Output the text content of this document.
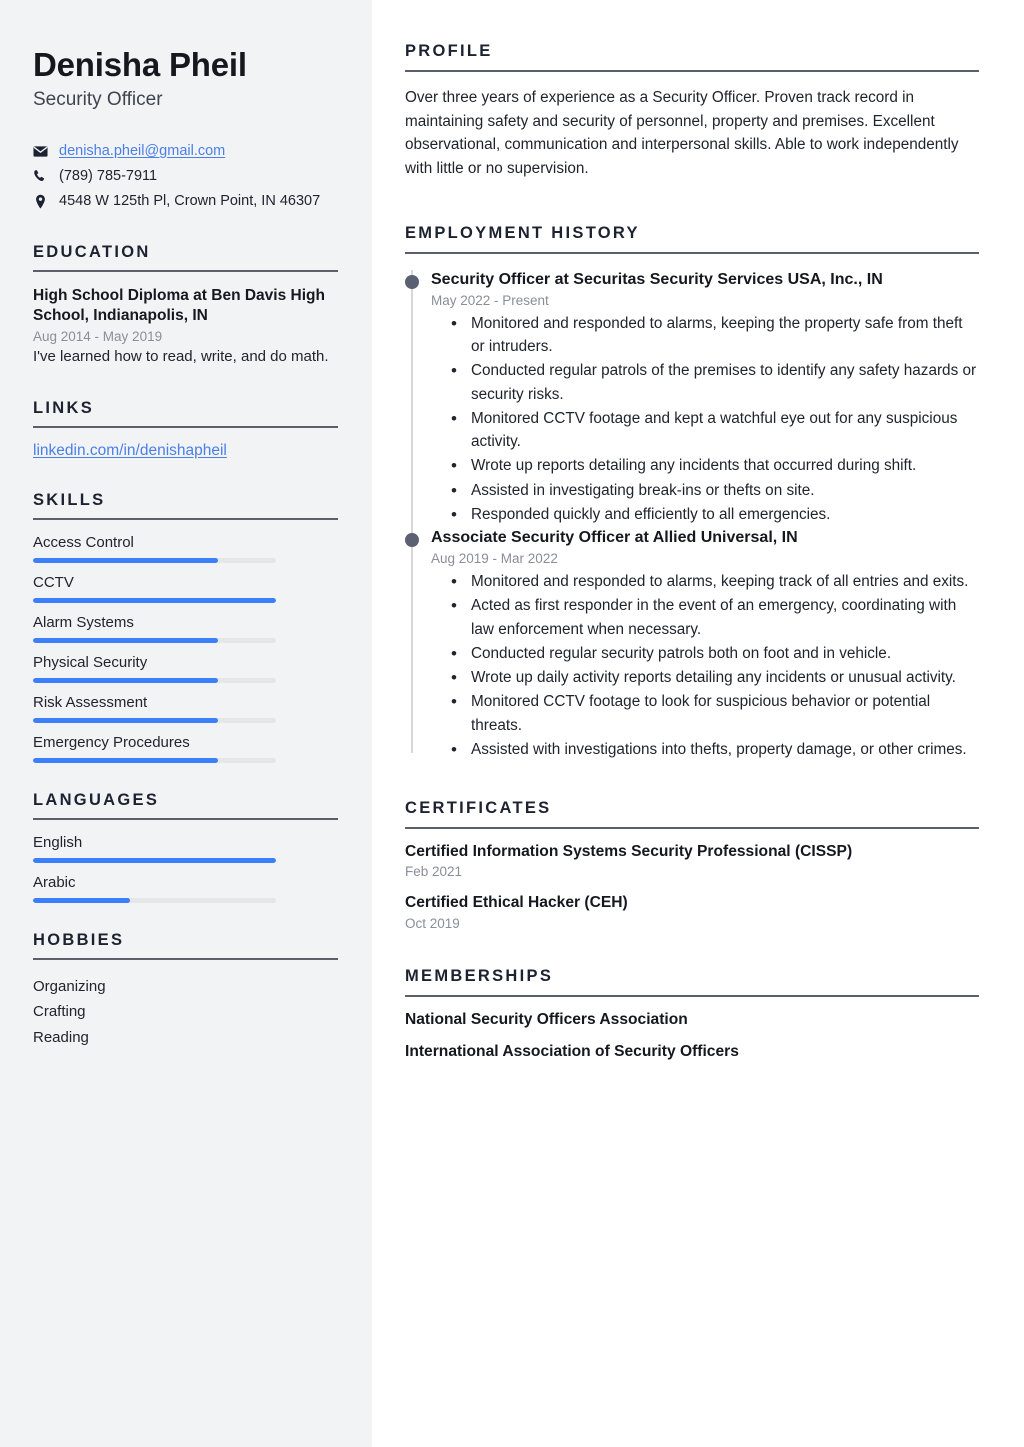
Denisha Pheil
Security Officer
denisha.pheil@gmail.com
(789) 785-7911
4548 W 125th Pl, Crown Point, IN 46307
EDUCATION
High School Diploma at Ben Davis High School, Indianapolis, IN
Aug 2014 - May 2019
I've learned how to read, write, and do math.
LINKS
linkedin.com/in/denishapheil
SKILLS
Access Control
CCTV
Alarm Systems
Physical Security
Risk Assessment
Emergency Procedures
LANGUAGES
English
Arabic
HOBBIES
Organizing
Crafting
Reading
PROFILE

Over three years of experience as a Security Officer. Proven track record in maintaining safety and security of personnel, property and premises. Excellent observational, communication and interpersonal skills. Able to work independently with little or no supervision.

EMPLOYMENT HISTORY
Security Officer at Securitas Security Services USA, Inc., IN
May 2022 - Present
• Monitored and responded to alarms, keeping the property safe from theft or intruders.
• Conducted regular patrols of the premises to identify any safety hazards or security risks.
• Monitored CCTV footage and kept a watchful eye out for any suspicious activity.
• Wrote up reports detailing any incidents that occurred during shift.
• Assisted in investigating break-ins or thefts on site.
• Responded quickly and efficiently to all emergencies.
Associate Security Officer at Allied Universal, IN
Aug 2019 - Mar 2022
• Monitored and responded to alarms, keeping track of all entries and exits.
• Acted as first responder in the event of an emergency, coordinating with law enforcement when necessary.
• Conducted regular security patrols both on foot and in vehicle.
• Wrote up daily activity reports detailing any incidents or unusual activity.
• Monitored CCTV footage to look for suspicious behavior or potential threats.
• Assisted with investigations into thefts, property damage, or other crimes.
CERTIFICATES
Certified Information Systems Security Professional (CISSP)
Feb 2021
Certified Ethical Hacker (CEH)
Oct 2019
MEMBERSHIPS
National Security Officers Association
International Association of Security Officers
